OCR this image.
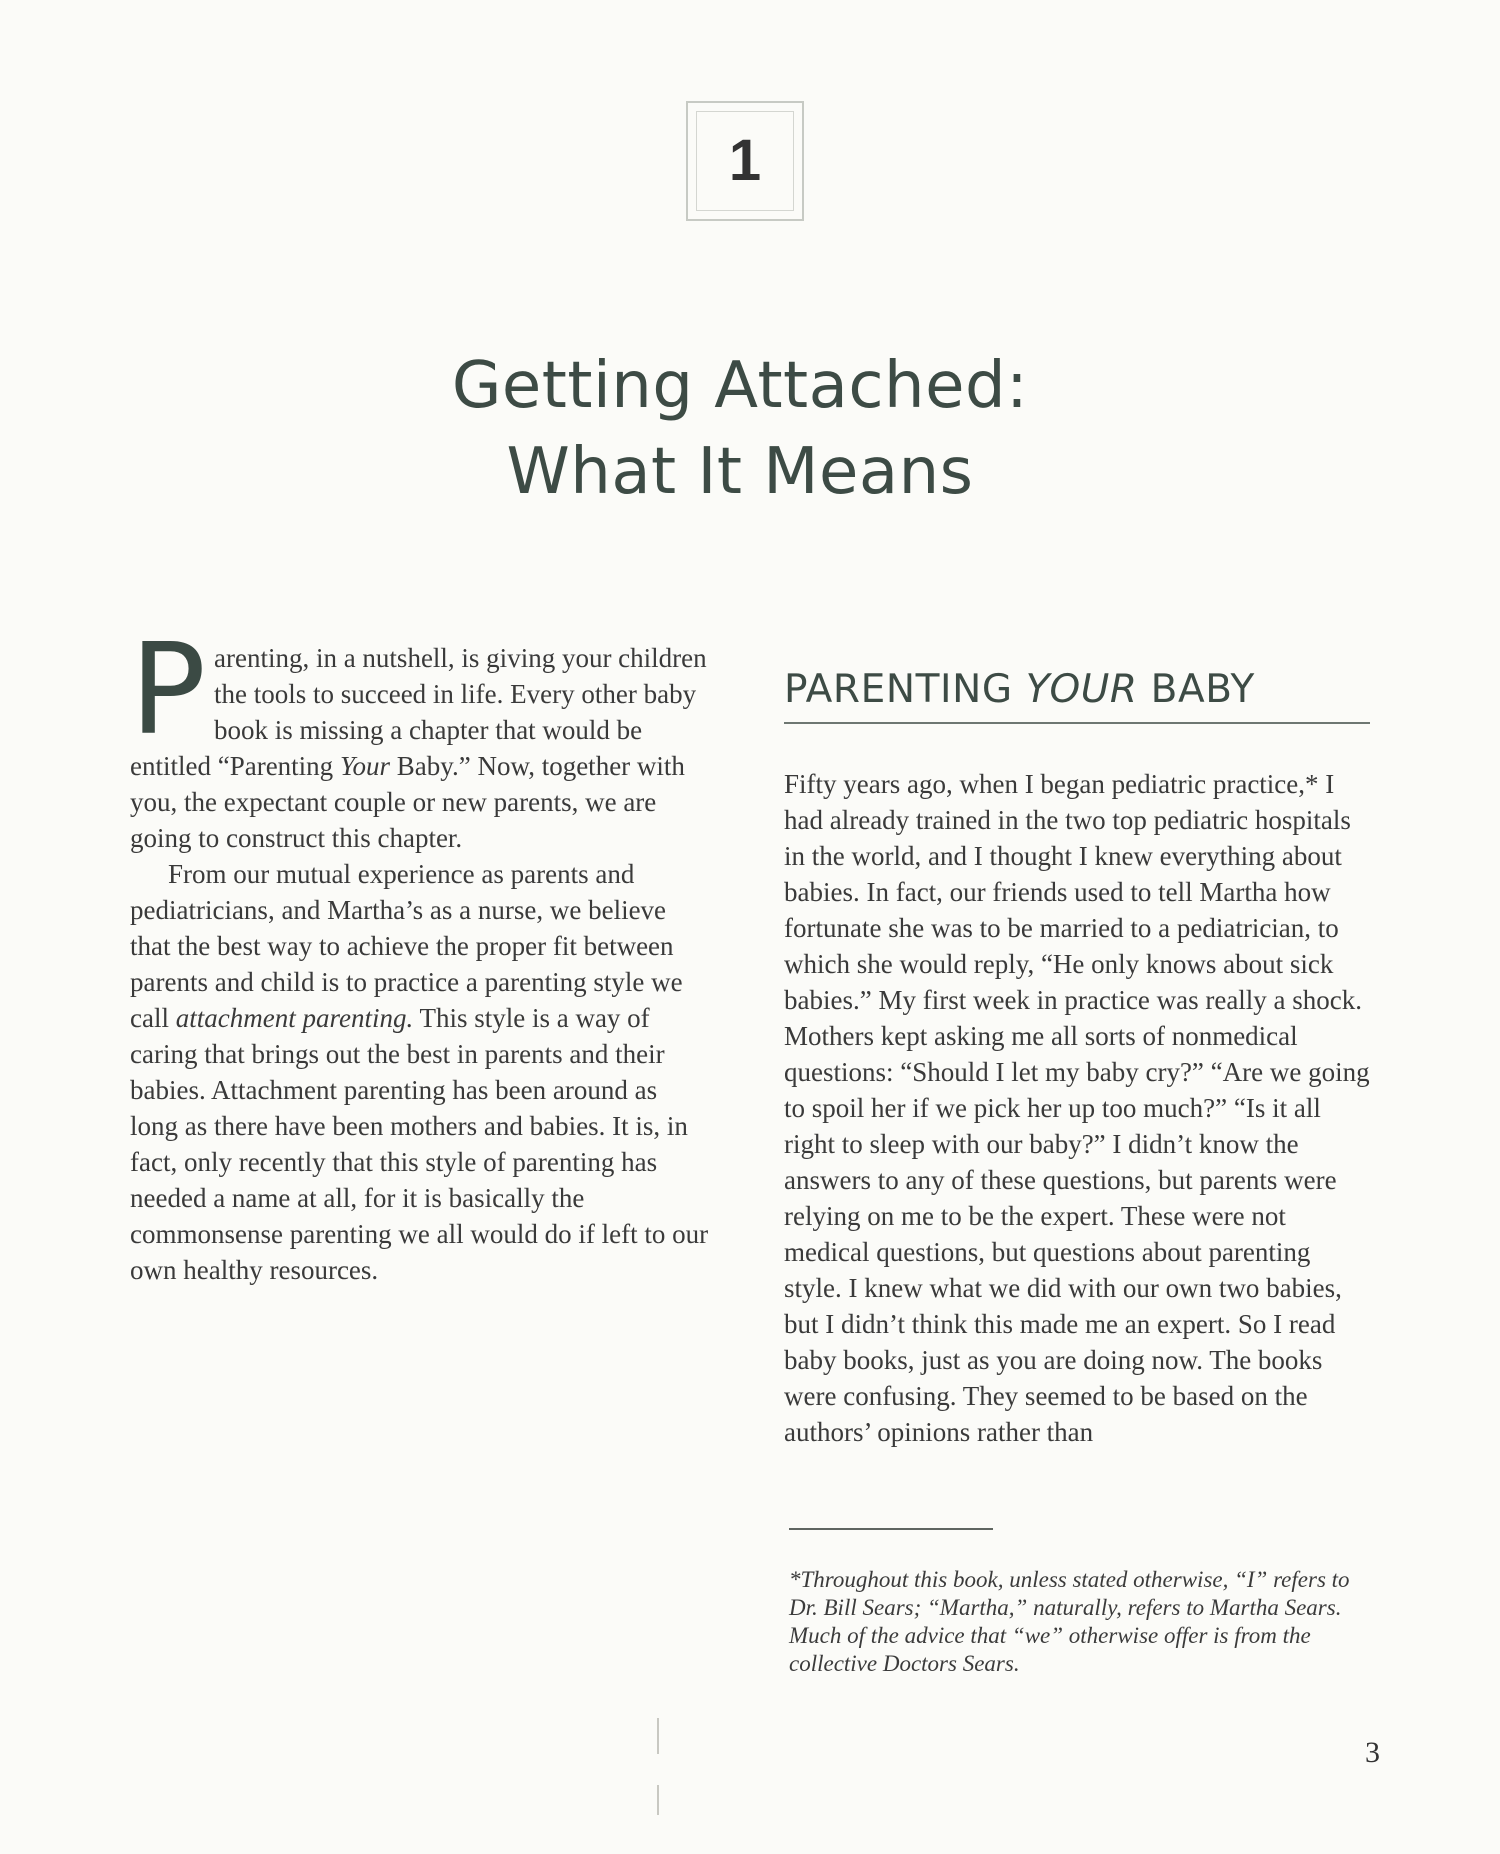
1
Getting Attached:
What It Means

Parenting, in a nutshell, is giving your children the tools to succeed in life. Every other baby book is missing a chapter that would be entitled “Parenting Your Baby.” Now, together with you, the expectant couple or new parents, we are going to construct this chapter.

From our mutual experience as parents and pediatricians, and Martha’s as a nurse, we believe that the best way to achieve the proper fit between parents and child is to practice a parenting style we call attachment parenting. This style is a way of caring that brings out the best in parents and their babies. Attachment parenting has been around as long as there have been mothers and babies. It is, in fact, only recently that this style of parenting has needed a name at all, for it is basically the commonsense parenting we all would do if left to our own healthy resources.

PARENTING YOUR BABY

Fifty years ago, when I began pediatric practice,* I had already trained in the two top pediatric hospitals in the world, and I thought I knew everything about babies. In fact, our friends used to tell Martha how fortunate she was to be married to a pediatrician, to which she would reply, “He only knows about sick babies.” My first week in practice was really a shock. Mothers kept asking me all sorts of nonmedical questions: “Should I let my baby cry?” “Are we going to spoil her if we pick her up too much?” “Is it all right to sleep with our baby?” I didn’t know the answers to any of these questions, but parents were relying on me to be the expert. These were not medical questions, but questions about parenting style. I knew what we did with our own two babies, but I didn’t think this made me an expert. So I read baby books, just as you are doing now. The books were confusing. They seemed to be based on the authors’ opinions rather than

*Throughout this book, unless stated otherwise, “I” refers to Dr. Bill Sears; “Martha,” naturally, refers to Martha Sears. Much of the advice that “we” otherwise offer is from the collective Doctors Sears.
3
